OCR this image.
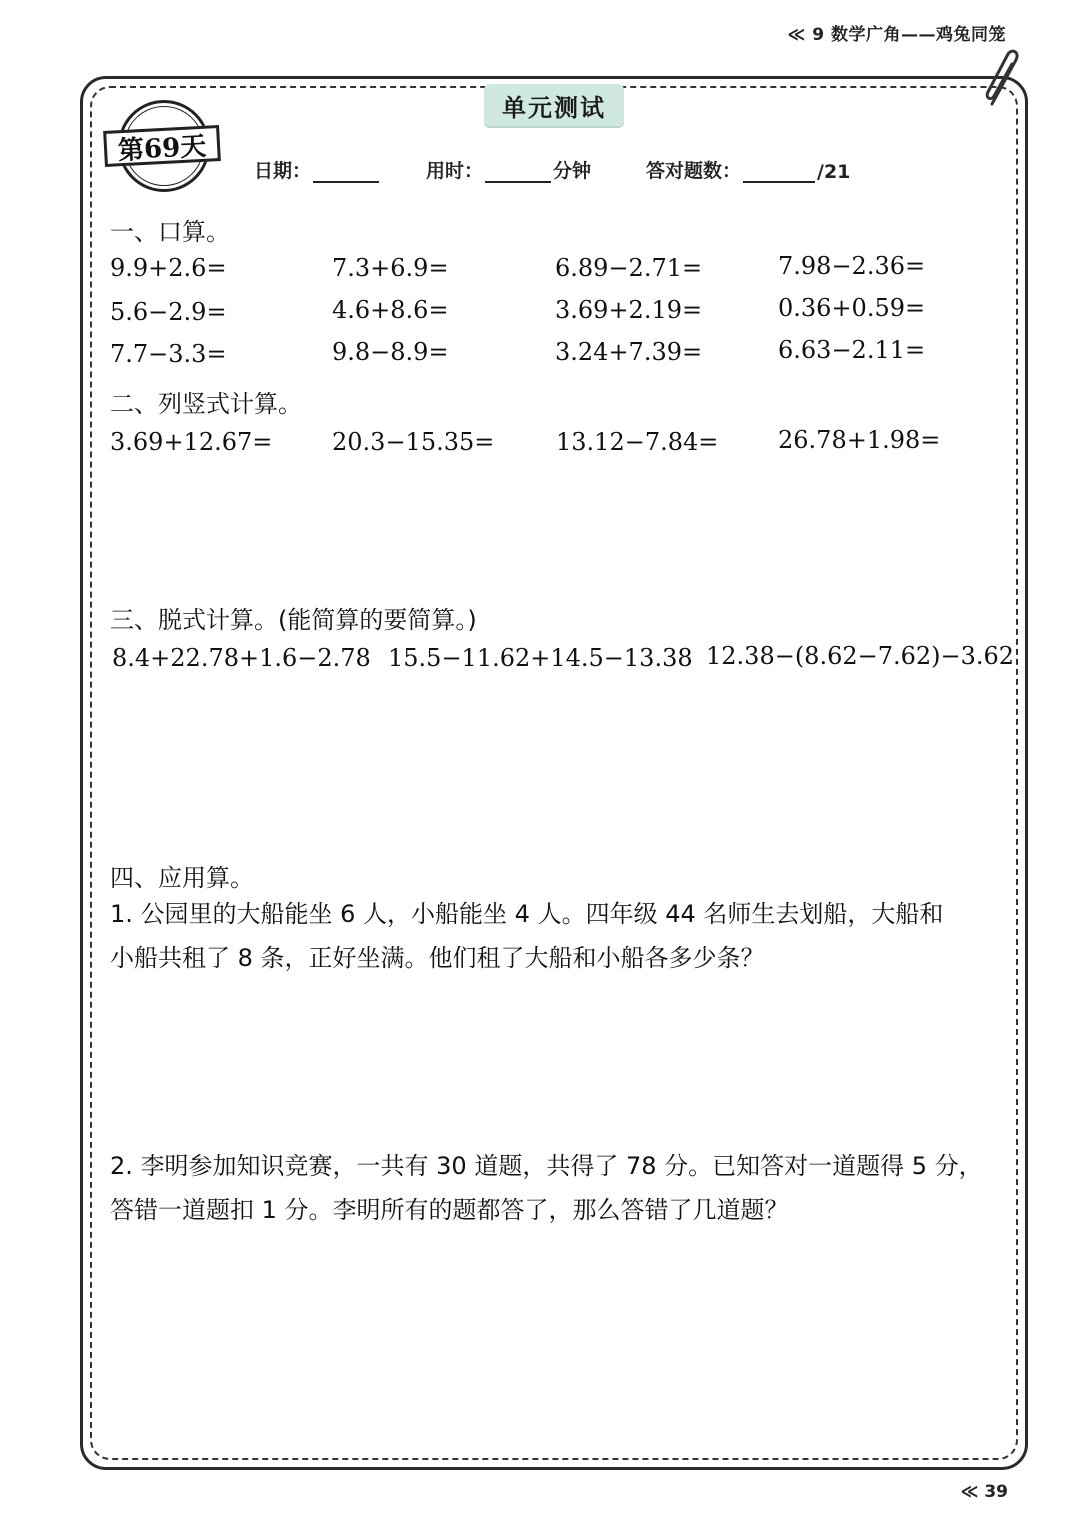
≪ 9 数学广角——鸡兔同笼
单元测试
第69天
日期：	用时：	分钟	答对题数：	/21
一、口算。
9.9+2.6=	7.3+6.9=	6.89−2.71=	7.98−2.36=
5.6−2.9=	4.6+8.6=	3.69+2.19=	0.36+0.59=
7.7−3.3=	9.8−8.9=	3.24+7.39=	6.63−2.11=
二、列竖式计算。
3.69+12.67= 20.3−15.35=	13.12−7.84= 26.78+1.98=
三、脱式计算。(能简算的要简算。)
8.4+22.78+1.6−2.78 15.5−11.62+14.5−13.38 12.38−(8.62−7.62)−3.62
四、应用算。
1. 公园里的大船能坐 6 人，小船能坐 4 人。四年级 44 名师生去划船，大船和
小船共租了 8 条，正好坐满。他们租了大船和小船各多少条？
2. 李明参加知识竞赛，一共有 30 道题，共得了 78 分。已知答对一道题得 5 分，
答错一道题扣 1 分。李明所有的题都答了，那么答错了几道题？
≪ 39
